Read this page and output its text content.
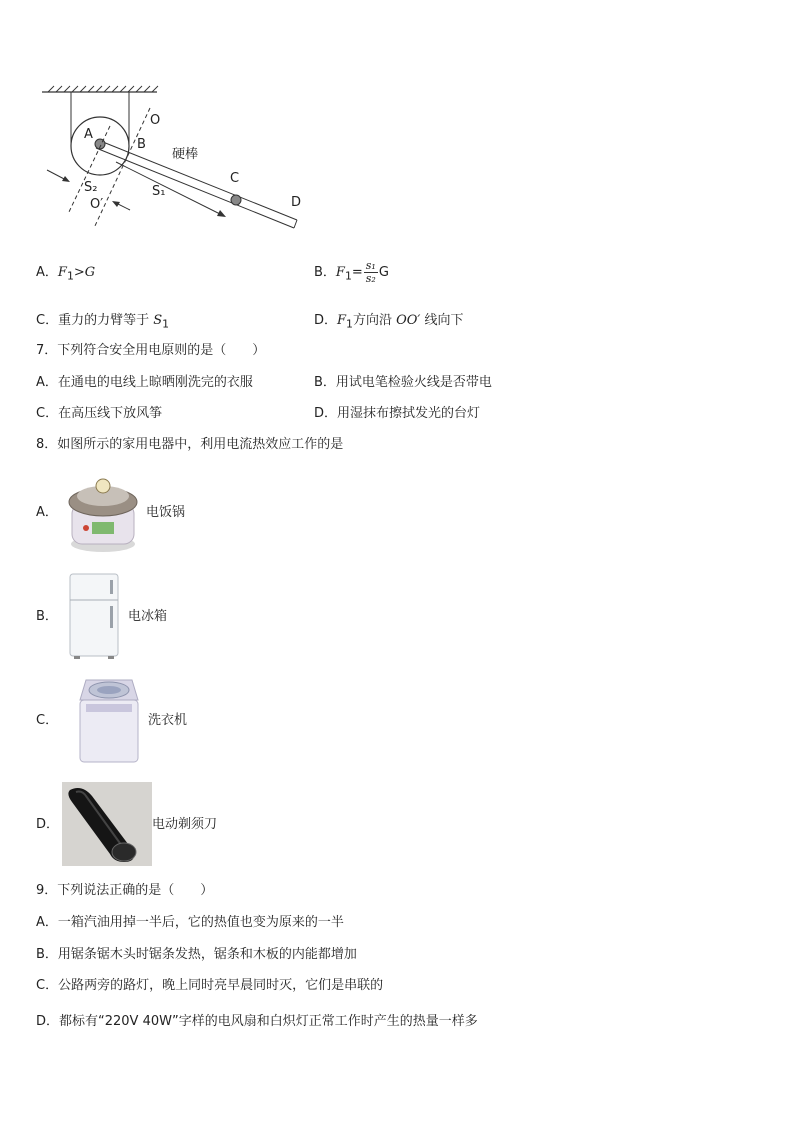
A
B
O
硬棒
C
D
S₂	S₁
O′
A．$F_1>G$	B．$F_1= \frac{\text{s₁}}{\text{s₂}}$ G
C．重力的力臂等于 $S_1$	D．$F_1$方向沿 OO′ 线向下
7．下列符合安全用电原则的是（　　）
A．在通电的电线上晾晒刚洗完的衣服	B．用试电笔检验火线是否带电
C．在高压线下放风筝	D．用湿抹布擦拭发光的台灯
8．如图所示的家用电器中，利用电流热效应工作的是
A．	电饭锅
B．	电冰箱
C．	洗衣机
D．	电动剃须刀
9．下列说法正确的是（　　）
A．一箱汽油用掉一半后，它的热值也变为原来的一半
B．用锯条锯木头时锯条发热，锯条和木板的内能都增加
C．公路两旁的路灯，晚上同时亮早晨同时灭，它们是串联的
D．都标有“220V 40W”字样的电风扇和白炽灯正常工作时产生的热量一样多
